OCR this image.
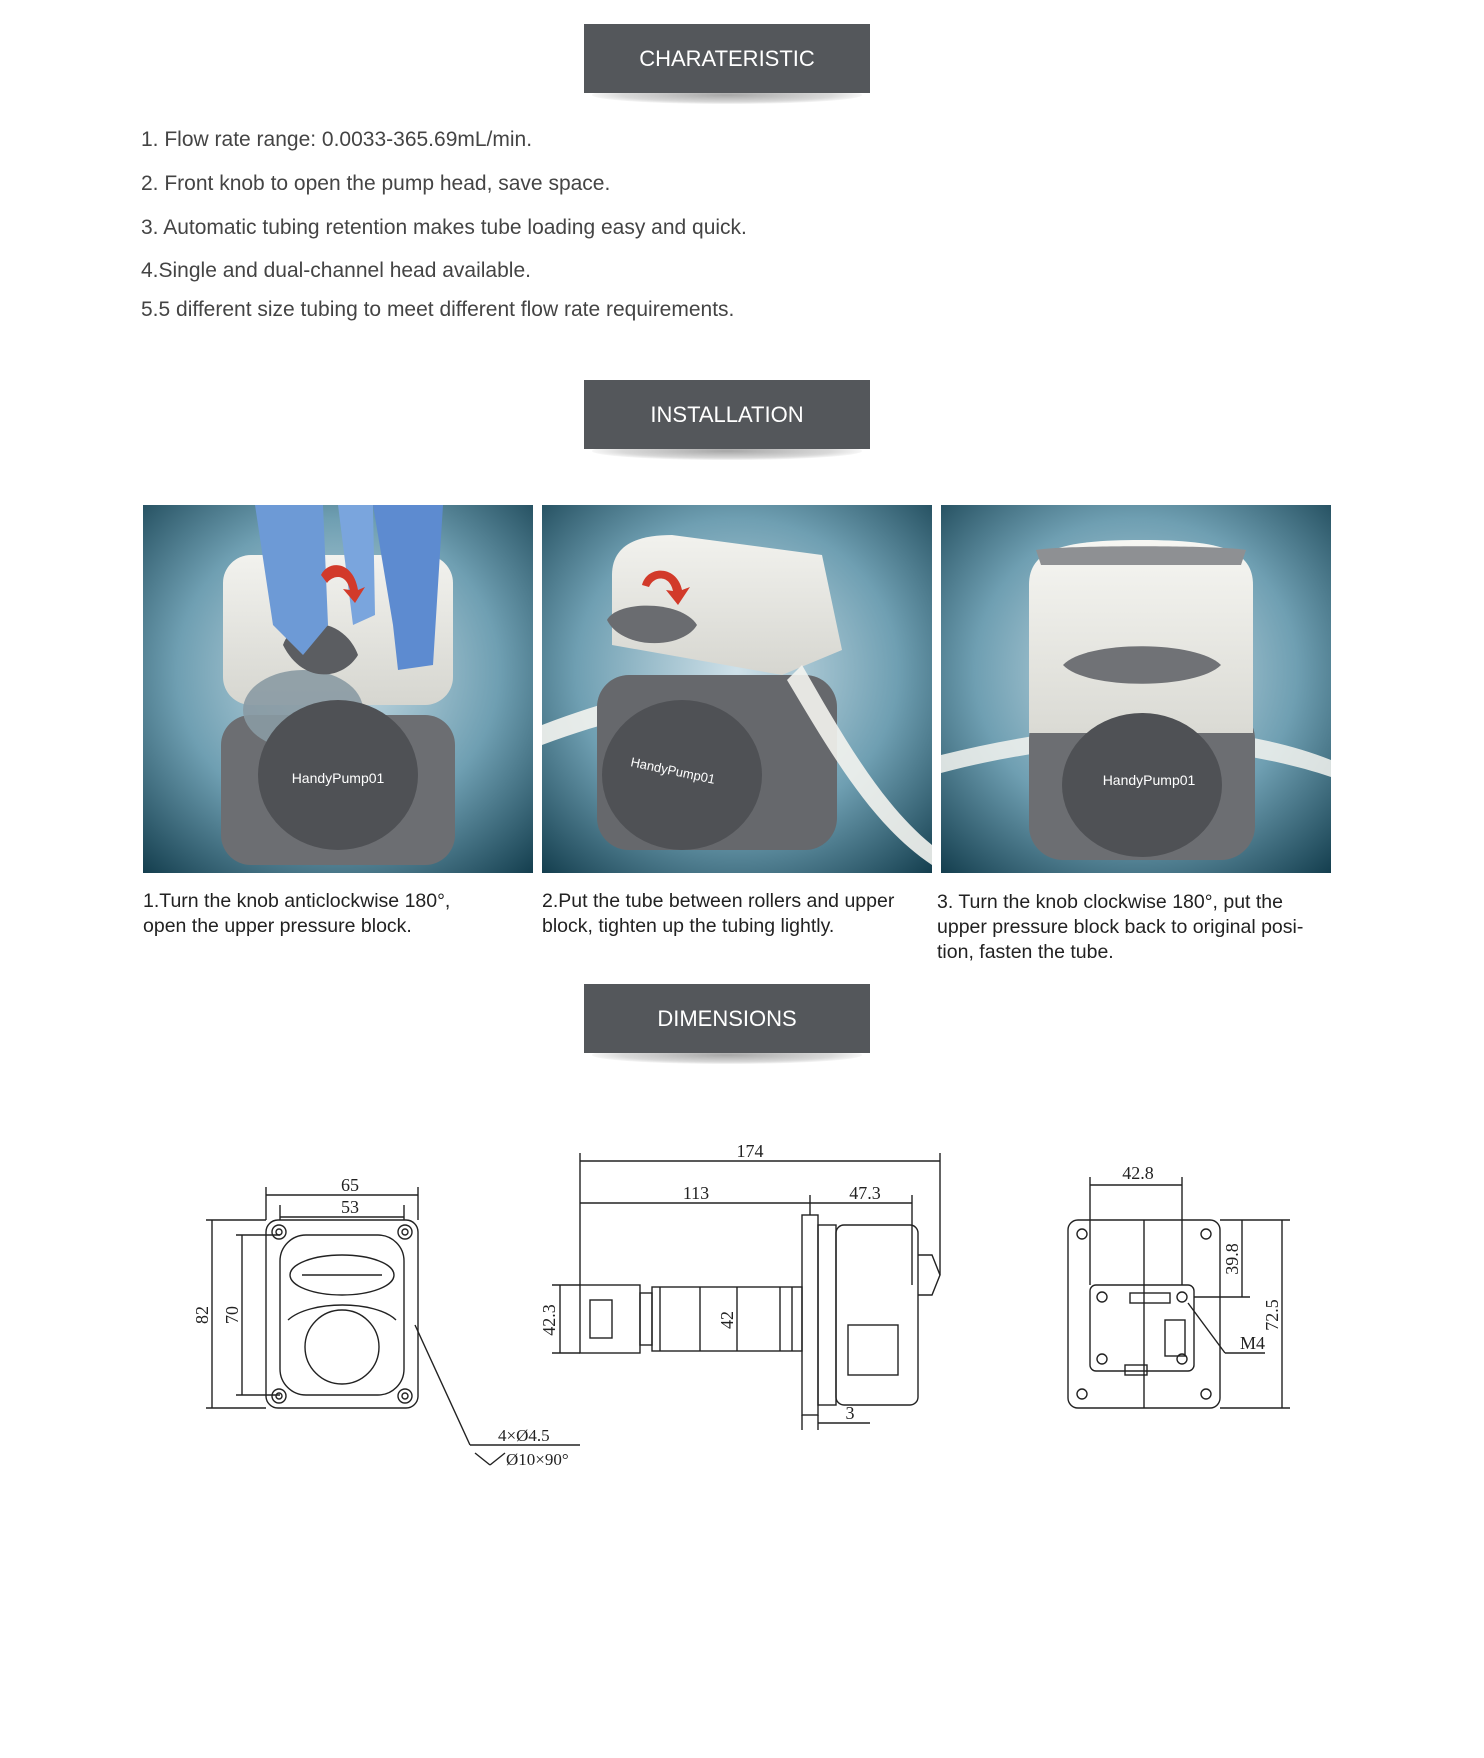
CHARATERISTIC
1. Flow rate range: 0.0033-365.69mL/min.
2. Front knob to open the pump head, save space.
3. Automatic tubing retention makes tube loading easy and quick.
4.Single and dual-channel head available.
5.5 different size tubing to meet different flow rate requirements.
INSTALLATION
HandyPump01	HandyPump01	HandyPump01
1.Turn the knob anticlockwise 180°,
open the upper pressure block.
2.Put the tube between rollers and upper
block, tighten up the tubing lightly.
3. Turn the knob clockwise 180°, put the
upper pressure block back to original posi-
tion, fasten the tube.
DIMENSIONS
65
53
82 70
4×Ø4.5
Ø10×90°
174
113	47.3
42.3	42
3
42.8
39.8
72.5
M4
